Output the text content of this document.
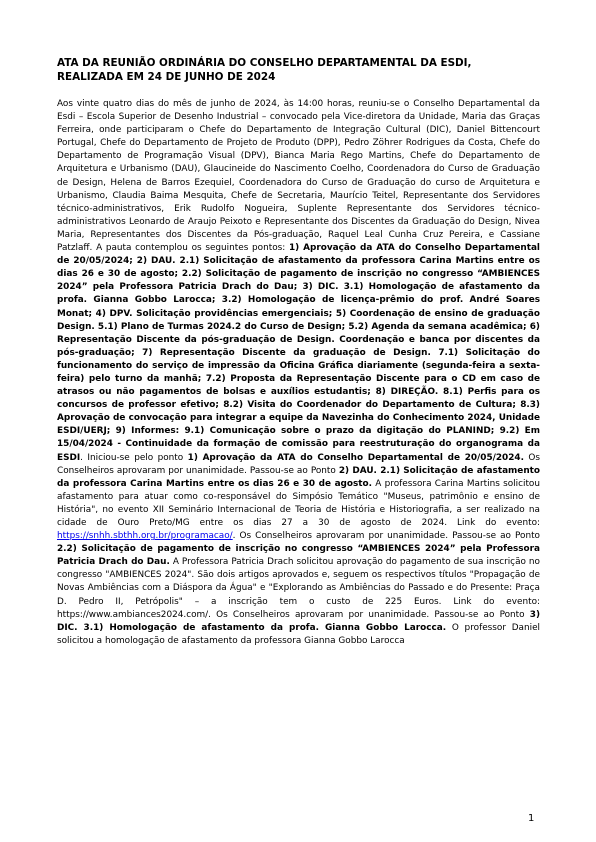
ATA DA REUNIÃO ORDINÁRIA DO CONSELHO DEPARTAMENTAL DA ESDI, REALIZADA EM 24 DE JUNHO DE 2024

Aos vinte quatro dias do mês de junho de 2024, às 14:00 horas, reuniu-se o Conselho Departamental da Esdi – Escola Superior de Desenho Industrial – convocado pela Vice-diretora da Unidade, Maria das Graças Ferreira, onde participaram o Chefe do Departamento de Integração Cultural (DIC), Daniel Bittencourt Portugal, Chefe do Departamento de Projeto de Produto (DPP), Pedro Zöhrer Rodrigues da Costa, Chefe do Departamento de Programação Visual (DPV), Bianca Maria Rego Martins, Chefe do Departamento de Arquitetura e Urbanismo (DAU), Glaucineide do Nascimento Coelho, Coordenadora do Curso de Graduação de Design, Helena de Barros Ezequiel, Coordenadora do Curso de Graduação do curso de Arquitetura e Urbanismo, Claudia Baima Mesquita, Chefe de Secretaria, Maurício Teitel, Representante dos Servidores técnico-administrativos, Erik Rudolfo Nogueira, Suplente Representante dos Servidores técnico-administrativos Leonardo de Araujo Peixoto e Representante dos Discentes da Graduação do Design, Nivea Maria, Representantes dos Discentes da Pós-graduação, Raquel Leal Cunha Cruz Pereira, e Cassiane Patzlaff. A pauta contemplou os seguintes pontos: 1) Aprovação da ATA do Conselho Departamental de 20/05/2024; 2) DAU. 2.1) Solicitação de afastamento da professora Carina Martins entre os dias 26 e 30 de agosto; 2.2) Solicitação de pagamento de inscrição no congresso “AMBIENCES 2024” pela Professora Patricia Drach do Dau; 3) DIC. 3.1) Homologação de afastamento da profa. Gianna Gobbo Larocca; 3.2) Homologação de licença-prêmio do prof. André Soares Monat; 4) DPV. Solicitação providências emergenciais; 5) Coordenação de ensino de graduação Design. 5.1) Plano de Turmas 2024.2 do Curso de Design; 5.2) Agenda da semana acadêmica; 6) Representação Discente da pós-graduação de Design. Coordenação e banca por discentes da pós-graduação; 7) Representação Discente da graduação de Design. 7.1) Solicitação do funcionamento do serviço de impressão da Oficina Gráfica diariamente (segunda-feira a sexta-feira) pelo turno da manhã; 7.2) Proposta da Representação Discente para o CD em caso de atrasos ou não pagamentos de bolsas e auxílios estudantis; 8) DIREÇÃO. 8.1) Perfis para os concursos de professor efetivo; 8.2) Visita do Coordenador do Departamento de Cultura; 8.3) Aprovação de convocação para integrar a equipe da Navezinha do Conhecimento 2024, Unidade ESDI/UERJ; 9) Informes: 9.1) Comunicação sobre o prazo da digitação do PLANIND; 9.2) Em 15/04/2024 - Continuidade da formação de comissão para reestruturação do organograma da ESDI. Iniciou-se pelo ponto 1) Aprovação da ATA do Conselho Departamental de 20/05/2024. Os Conselheiros aprovaram por unanimidade. Passou-se ao Ponto 2) DAU. 2.1) Solicitação de afastamento da professora Carina Martins entre os dias 26 e 30 de agosto. A professora Carina Martins solicitou afastamento para atuar como co-responsável do Simpósio Temático "Museus, patrimônio e ensino de História", no evento XII Seminário Internacional de Teoria de História e Historiografia, a ser realizado na cidade de Ouro Preto/MG entre os dias 27 a 30 de agosto de 2024. Link do evento: https://snhh.sbthh.org.br/programacao/. Os Conselheiros aprovaram por unanimidade. Passou-se ao Ponto 2.2) Solicitação de pagamento de inscrição no congresso “AMBIENCES 2024” pela Professora Patricia Drach do Dau. A Professora Patricia Drach solicitou aprovação do pagamento de sua inscrição no congresso "AMBIENCES 2024". São dois artigos aprovados e, seguem os respectivos títulos "Propagação de Novas Ambiências com a Diáspora da Água" e "Explorando as Ambiências do Passado e do Presente: Praça D. Pedro II, Petrópolis" – a inscrição tem o custo de 225 Euros. Link do evento: https://www.ambiances2024.com/. Os Conselheiros aprovaram por unanimidade. Passou-se ao Ponto 3) DIC. 3.1) Homologação de afastamento da profa. Gianna Gobbo Larocca. O professor Daniel solicitou a homologação de afastamento da professora Gianna Gobbo Larocca

1
